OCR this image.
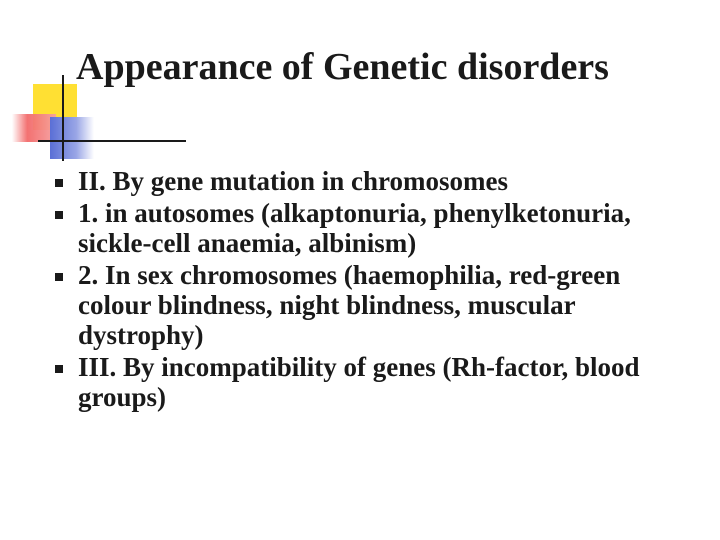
Appearance of Genetic disorders
II. By gene mutation in chromosomes
1. in autosomes (alkaptonuria, phenylketonuria, sickle-cell anaemia, albinism)
2. In sex chromosomes (haemophilia, red-green colour blindness, night blindness, muscular dystrophy)
III. By incompatibility of genes (Rh-factor, blood groups)
